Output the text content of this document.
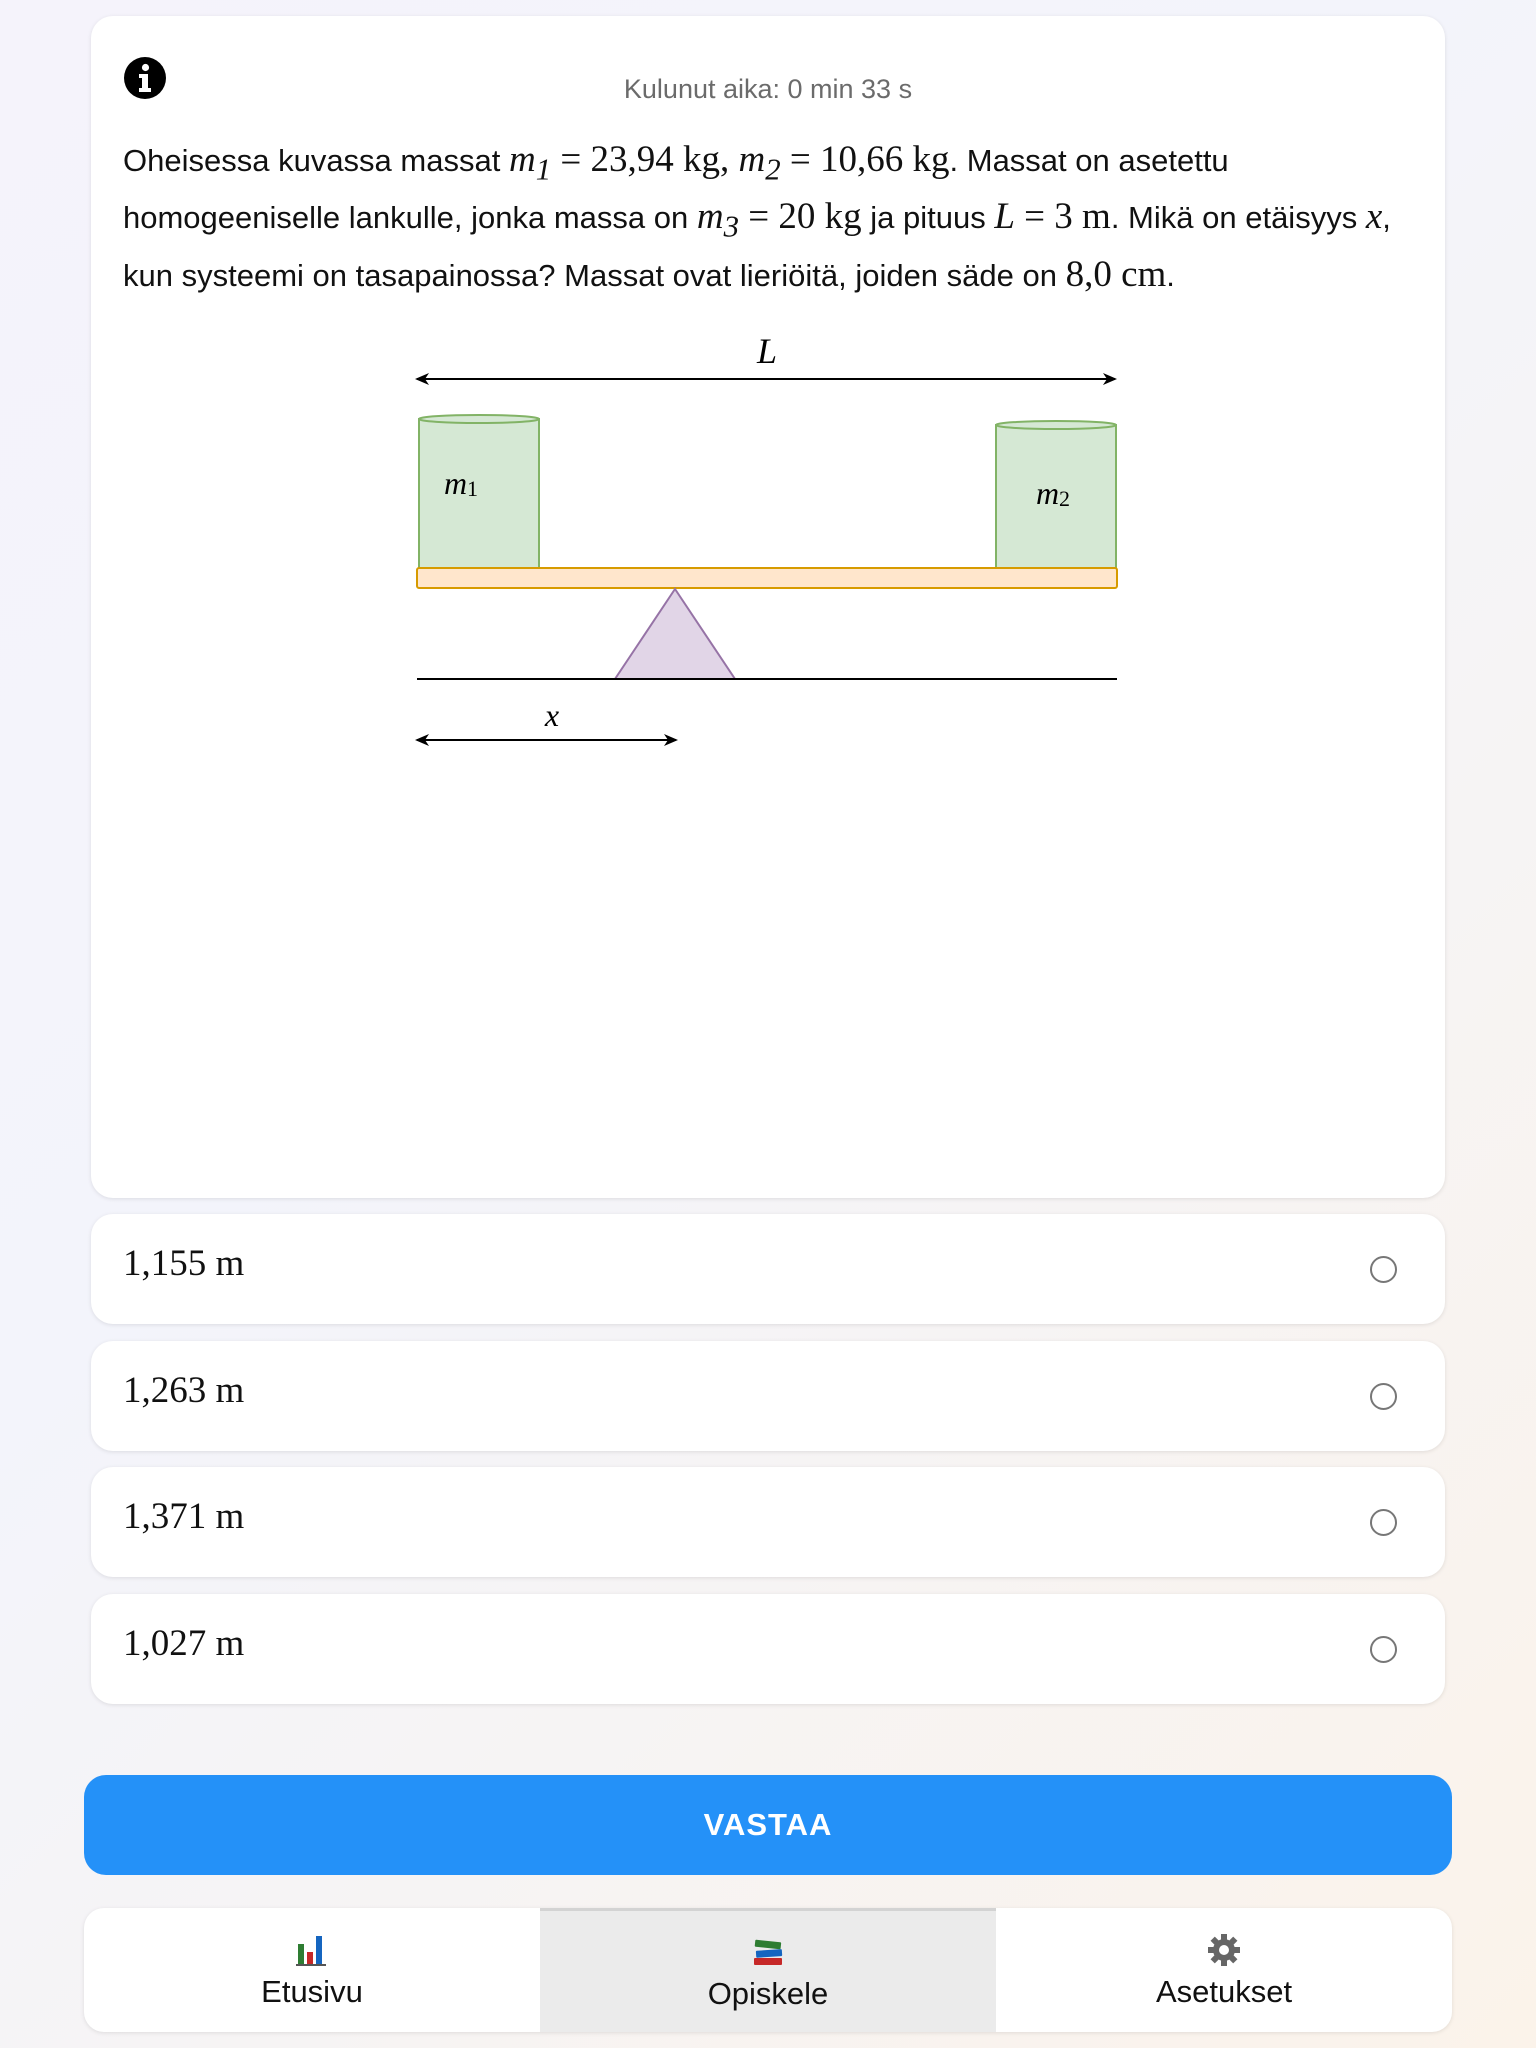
Kulunut aika: 0 min 33 s
Oheisessa kuvassa massat $m_1 = 23,94$ kg, $m_2 = 10,66$ kg. Massat on asetettu homogeeniselle lankulle, jonka massa on $m_3 = 20$ kg ja pituus L = 3 m. Mikä on etäisyys x, kun systeemi on tasapainossa? Massat ovat lieriöitä, joiden säde on 8,0 cm.
L
m1	m2
x
1,155 m
1,263 m
1,371 m
1,027 m
VASTAA
Etusivu	Opiskele	Asetukset
